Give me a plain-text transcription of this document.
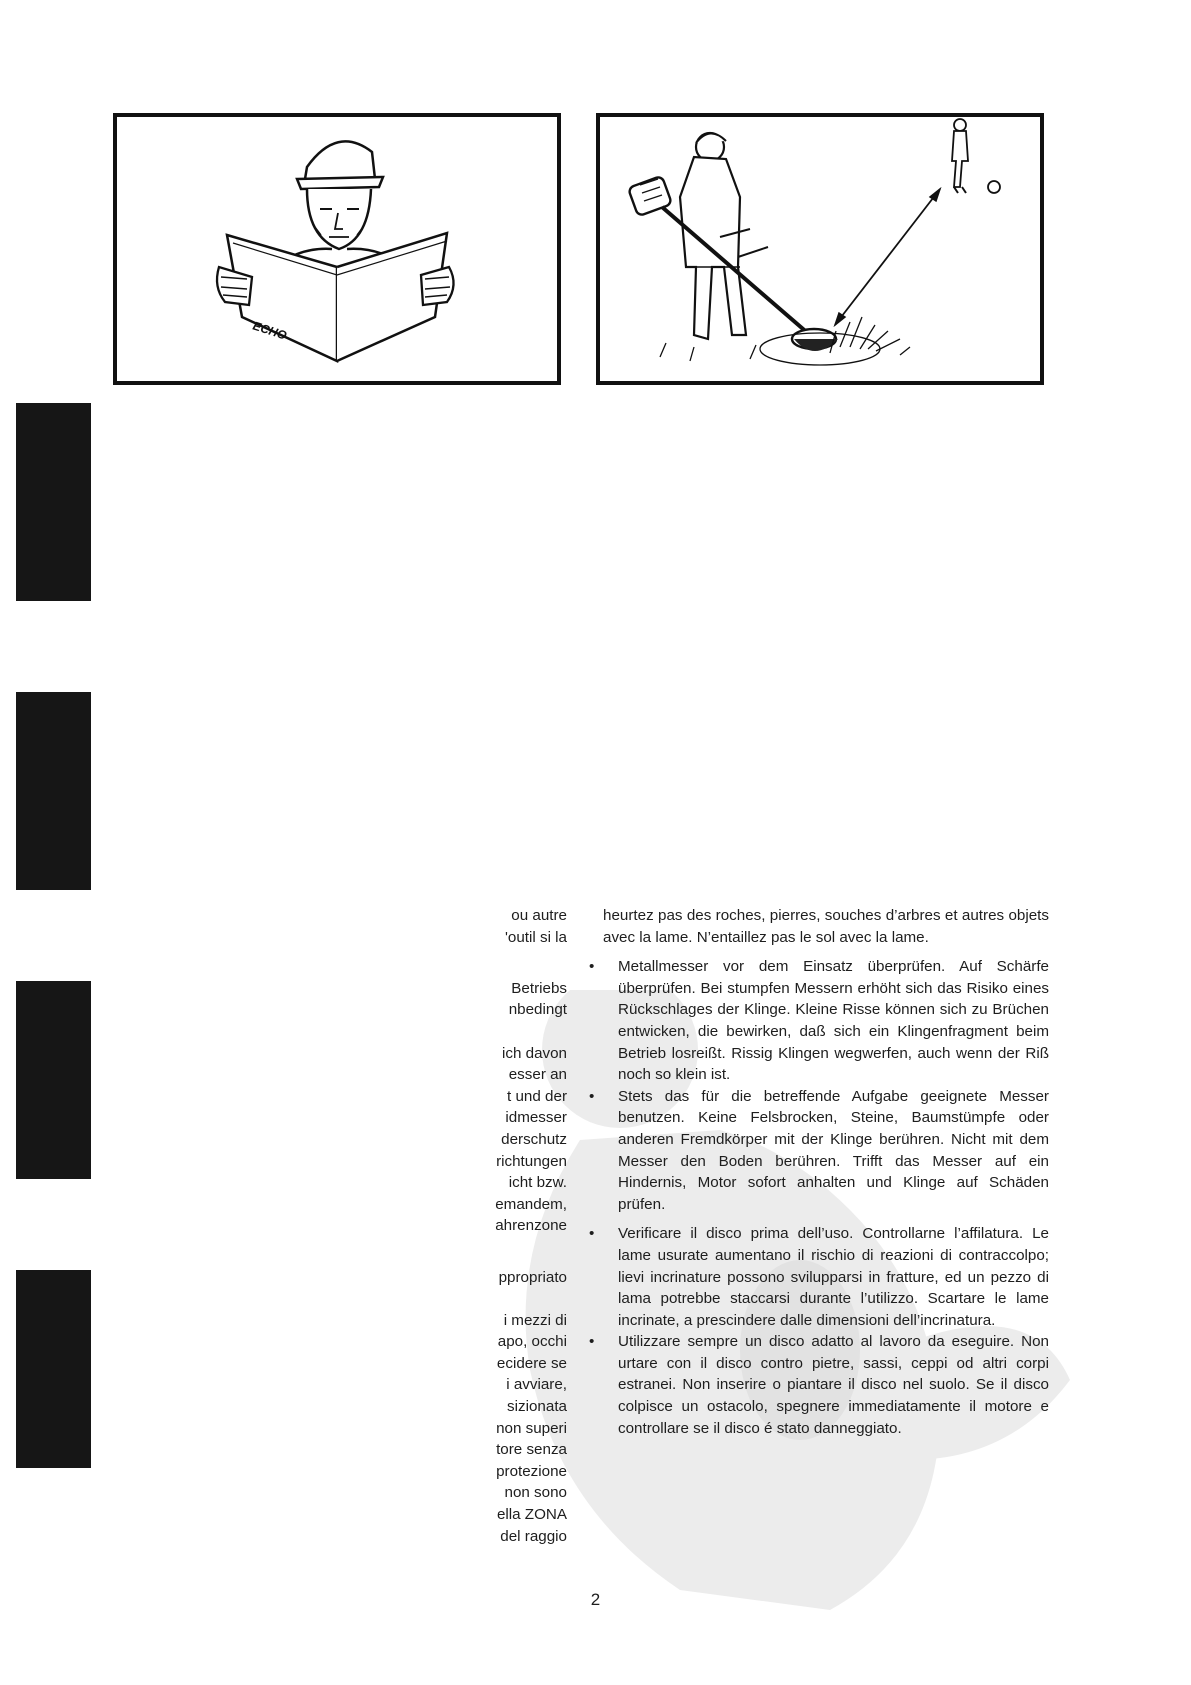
ECHO
ou autre
'outil si la

Betriebs
nbedingt

ich davon
esser an
t und der
idmesser
derschutz
richtungen
icht bzw.
emandem,
ahrenzone

ppropriato

i mezzi di
apo, occhi
ecidere se
i avviare,
sizionata
non superi
tore senza
protezione
non sono
ella ZONA
del raggio

heurtez pas des roches, pierres, souches d’arbres et autres objets avec la lame. N’entaillez pas le sol avec la lame.

• Metallmesser vor dem Einsatz überprüfen. Auf Schärfe überprüfen. Bei stumpfen Messern erhöht sich das Risiko eines Rückschlages der Klinge. Kleine Risse können sich zu Brüchen entwicken, die bewirken, daß sich ein Klingenfragment beim Betrieb losreißt. Rissig Klingen wegwerfen, auch wenn der Riß noch so klein ist.

• Stets das für die betreffende Aufgabe geeignete Messer benutzen. Keine Felsbrocken, Steine, Baumstümpfe oder anderen Fremdkörper mit der Klinge berühren. Nicht mit dem Messer den Boden berühren. Trifft das Messer auf ein Hindernis, Motor sofort anhalten und Klinge auf Schäden prüfen.

• Verificare il disco prima dell’uso. Controllarne l’affilatura. Le lame usurate aumentano il rischio di reazioni di contraccolpo; lievi incrinature possono svilupparsi in fratture, ed un pezzo di lama potrebbe staccarsi durante l’utilizzo. Scartare le lame incrinate, a prescindere dalle dimensioni dell’incrinatura.

• Utilizzare sempre un disco adatto al lavoro da eseguire. Non urtare con il disco contro pietre, sassi, ceppi od altri corpi estranei. Non inserire o piantare il disco nel suolo. Se il disco colpisce un ostacolo, spegnere immediatamente il motore e controllare se il disco é stato danneggiato.

2
